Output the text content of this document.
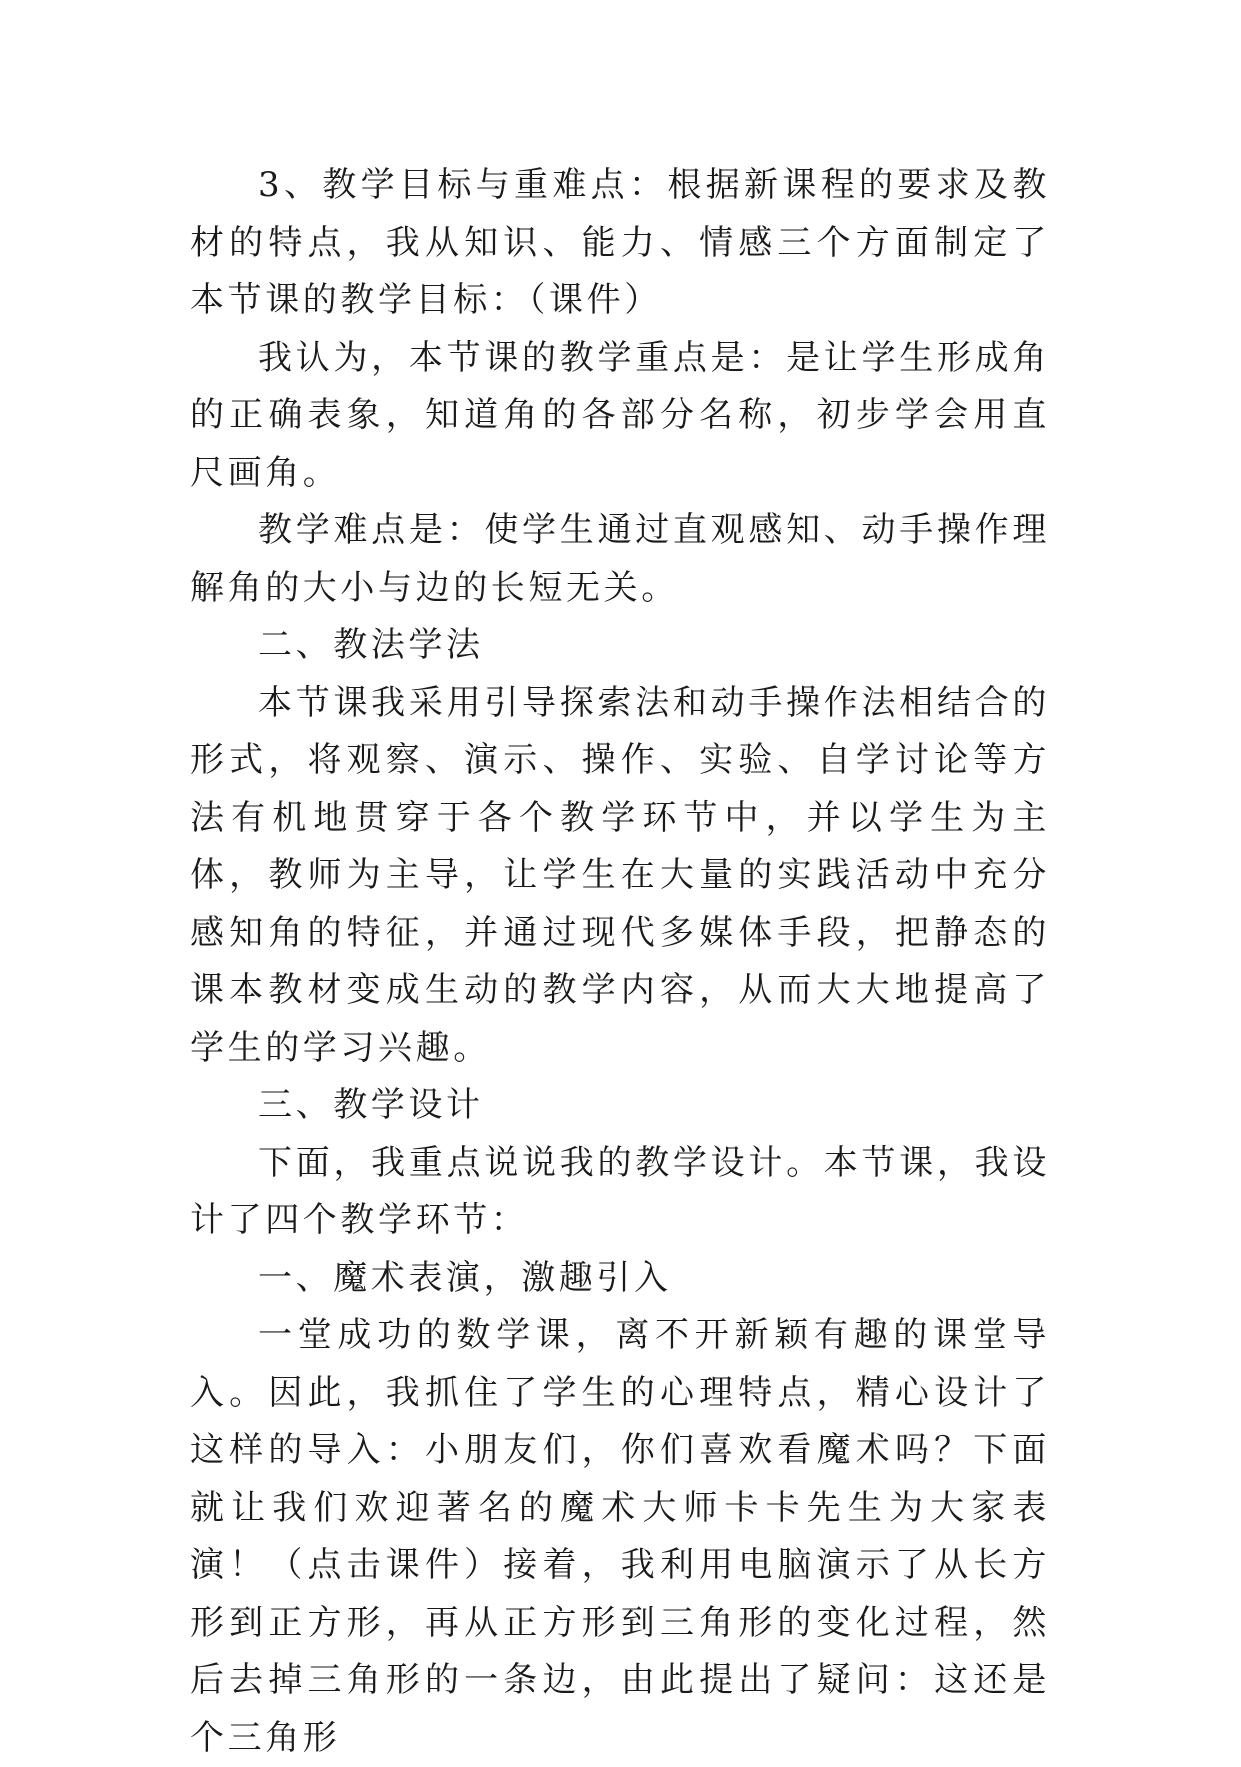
3、教学目标与重难点：根据新课程的要求及教材的特点，我从知识、能力、情感三个方面制定了本节课的教学目标：（课件）

我认为，本节课的教学重点是：是让学生形成角的正确表象，知道角的各部分名称，初步学会用直尺画角。

教学难点是：使学生通过直观感知、动手操作理解角的大小与边的长短无关。

二、教法学法

本节课我采用引导探索法和动手操作法相结合的形式，将观察、演示、操作、实验、自学讨论等方法有机地贯穿于各个教学环节中，并以学生为主体，教师为主导，让学生在大量的实践活动中充分感知角的特征，并通过现代多媒体手段，把静态的课本教材变成生动的教学内容，从而大大地提高了学生的学习兴趣。

三、教学设计

下面，我重点说说我的教学设计。本节课，我设计了四个教学环节：

一、魔术表演，激趣引入

一堂成功的数学课，离不开新颖有趣的课堂导入。因此，我抓住了学生的心理特点，精心设计了这样的导入：小朋友们，你们喜欢看魔术吗？下面就让我们欢迎著名的魔术大师卡卡先生为大家表演！（点击课件）接着，我利用电脑演示了从长方形到正方形，再从正方形到三角形的变化过程，然后去掉三角形的一条边，由此提出了疑问：这还是个三角形
